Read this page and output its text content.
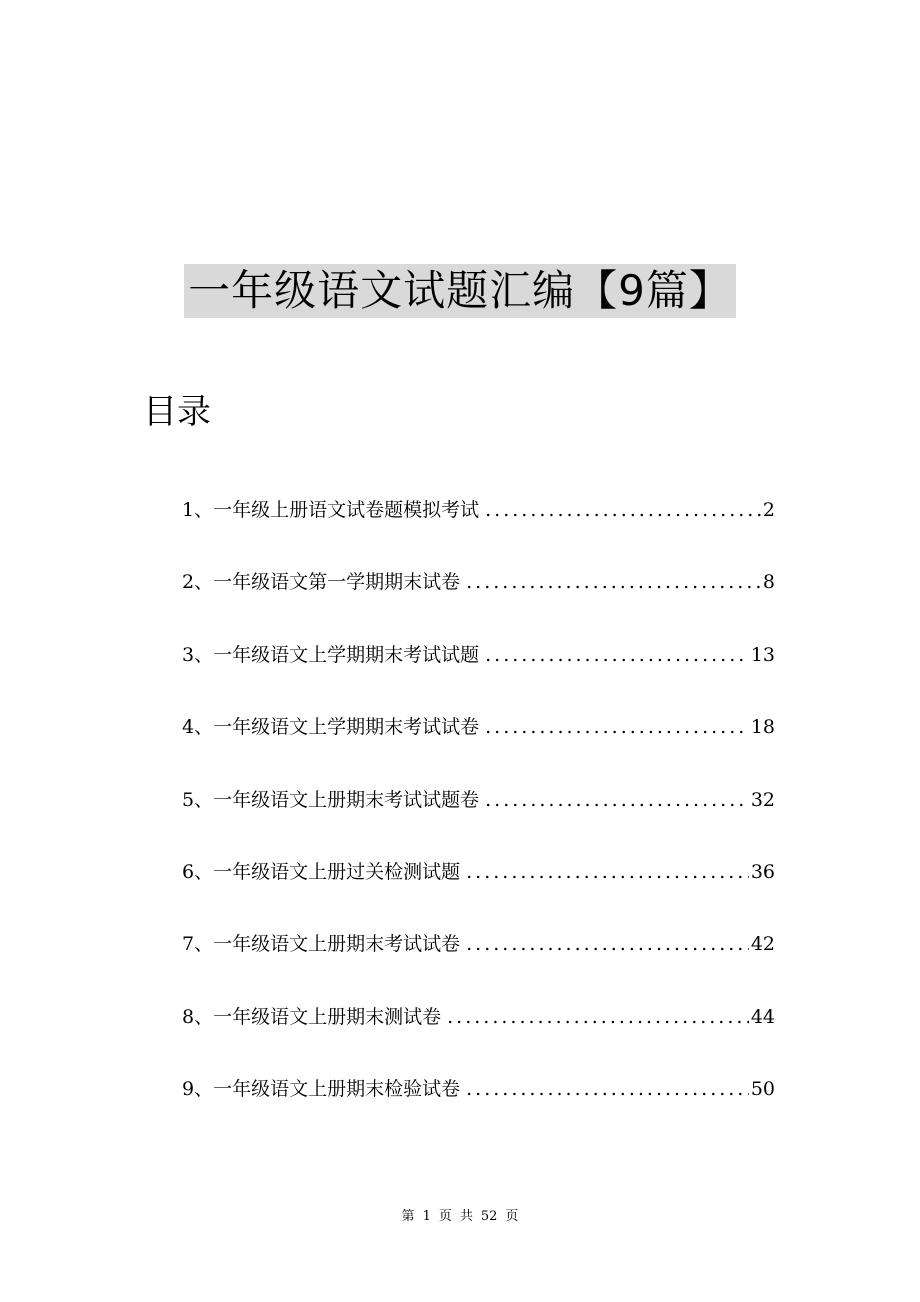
一年级语文试题汇编【9篇】
目录
1 、 一年级上册语文试卷题模拟考试 .....	2
2 、 一年级语文第一学期期末试卷 .....	8
3 、 一年级语文上学期期末考试试题 .....	13
4 、 一年级语文上学期期末考试试卷 .....	18
5 、 一年级语文上册期末考试试题卷 .....	32
6 、 一年级语文上册过关检测试题 .....	36
7 、 一年级语文上册期末考试试卷 .....	42
8 、 一年级语文上册期末测试卷 .....	44
9 、 一年级语文上册期末检验试卷 .....	50
第 1 页 共 52 页
